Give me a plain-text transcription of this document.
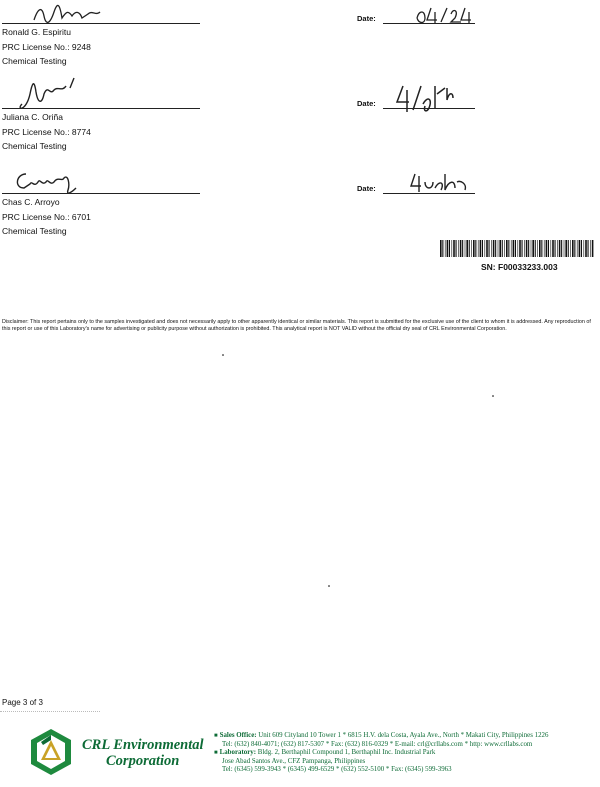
Ronald G. Espiritu
PRC License No.: 9248
Chemical Testing
Date:
Juliana C. Oriña
PRC License No.: 8774
Chemical Testing
Date:
Chas C. Arroyo
PRC License No.: 6701
Chemical Testing
Date:
SN: F00033233.003
Disclaimer: This report pertains only to the samples investigated and does not necessarily apply to other apparently identical or similar materials. This report is submitted for the exclusive use of the client to whom it is addressed. Any reproduction of this report or use of this Laboratory's name for advertising or publicity purpose without authorization is prohibited. This analytical report is NOT VALID without the official dry seal of CRL Environmental Corporation.
Page 3 of 3
CRL Environmental
Corporation
■ Sales Office: Unit 609 Cityland 10 Tower 1 * 6815 H.V. dela Costa, Ayala Ave., North * Makati City, Philippines 1226
Tel: (632) 840-4071; (632) 817-5307 * Fax: (632) 816-0329 * E-mail: crl@crllabs.com * http: www.crllabs.com
■ Laboratory: Bldg. 2, Berthaphil Compound 1, Berthaphil Inc. Industrial Park
Jose Abad Santos Ave., CFZ Pampanga, Philippines
Tel: (6345) 599-3943 * (6345) 499-6529 * (632) 552-5100 * Fax: (6345) 599-3963
